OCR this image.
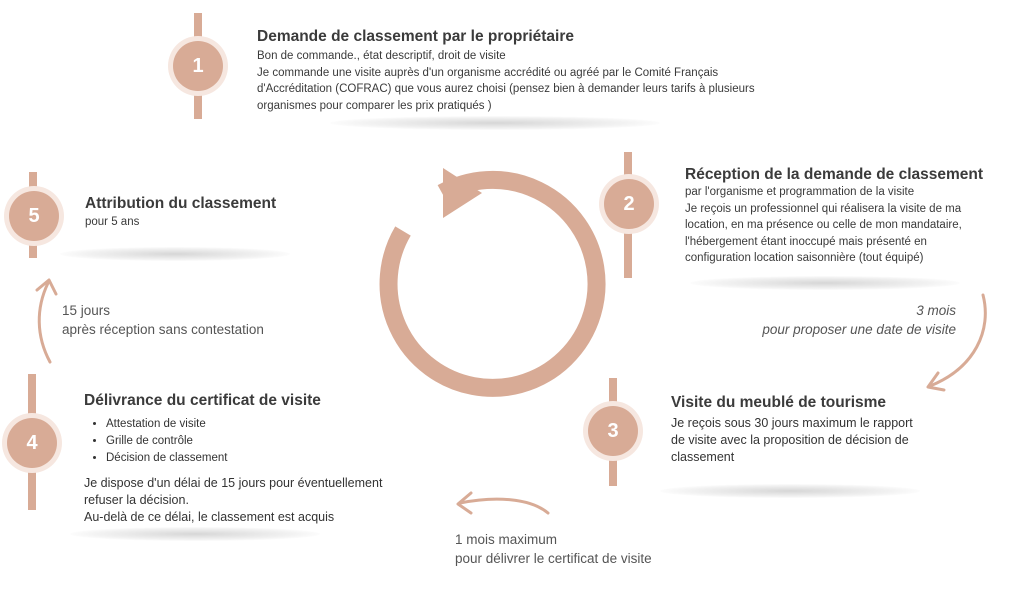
1
Demande de classement par le propriétaire
Bon de commande., état descriptif, droit de visite
Je commande une visite auprès d'un organisme accrédité ou agréé par le Comité Français
d'Accréditation (COFRAC) que vous aurez choisi (pensez bien à demander leurs tarifs à plusieurs
organismes pour comparer les prix pratiqués )
2
Réception de la demande de classement
par l'organisme et programmation de la visite
Je reçois un professionnel qui réalisera la visite de ma
location, en ma présence ou celle de mon mandataire,
l'hébergement étant inoccupé mais présenté en
configuration location saisonnière (tout équipé)
3
Visite du meublé de tourisme
Je reçois sous 30 jours maximum le rapport
de visite avec la proposition de décision de
classement
4
Délivrance du certificat de visite
• Attestation de visite
• Grille de contrôle
• Décision de classement
Je dispose d'un délai de 15 jours pour éventuellement
refuser la décision.
Au-delà de ce délai, le classement est acquis
5
Attribution du classement
pour 5 ans
3 mois
pour proposer une date de visite
1 mois maximum
pour délivrer le certificat de visite
15 jours
après réception sans contestation
